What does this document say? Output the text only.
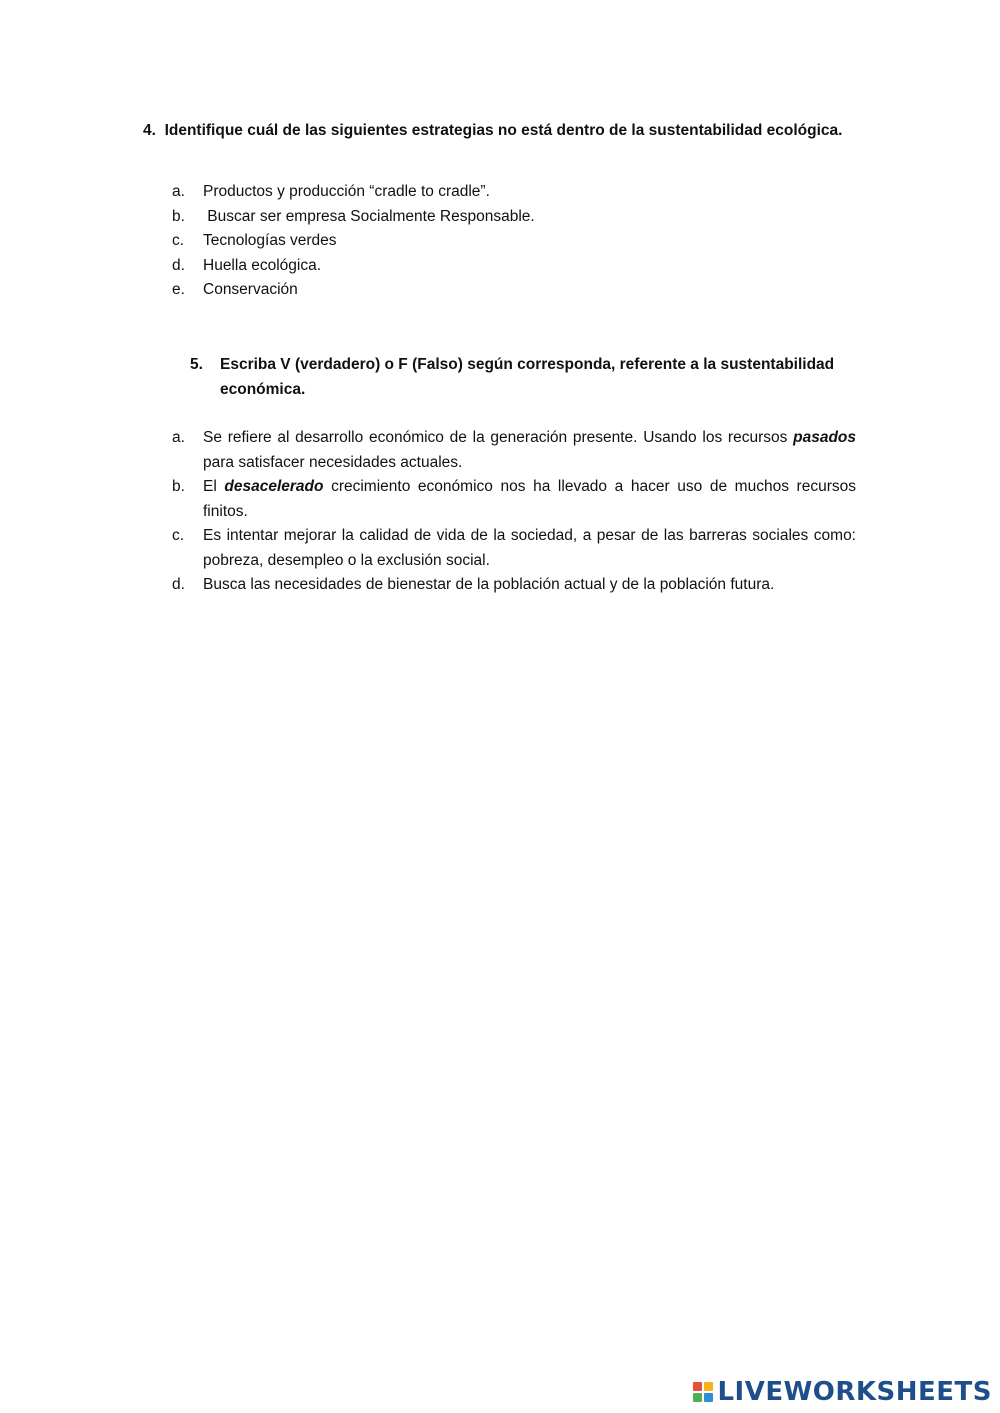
4. Identifique cuál de las siguientes estrategias no está dentro de la sustentabilidad ecológica.
a.	Productos y producción “cradle to cradle”.
b.	Buscar ser empresa Socialmente Responsable.
c.	Tecnologías verdes
d.	Huella ecológica.
e.	Conservación
5.	Escriba V (verdadero) o F (Falso) según corresponda, referente a la sustentabilidad económica.
a.	Se refiere al desarrollo económico de la generación presente. Usando los recursos pasados para satisfacer necesidades actuales.
b.	El desacelerado crecimiento económico nos ha llevado a hacer uso de muchos recursos finitos.
c.	Es intentar mejorar la calidad de vida de la sociedad, a pesar de las barreras sociales como: pobreza, desempleo o la exclusión social.
d.	Busca las necesidades de bienestar de la población actual y de la población futura.
LIVEWORKSHEETS
